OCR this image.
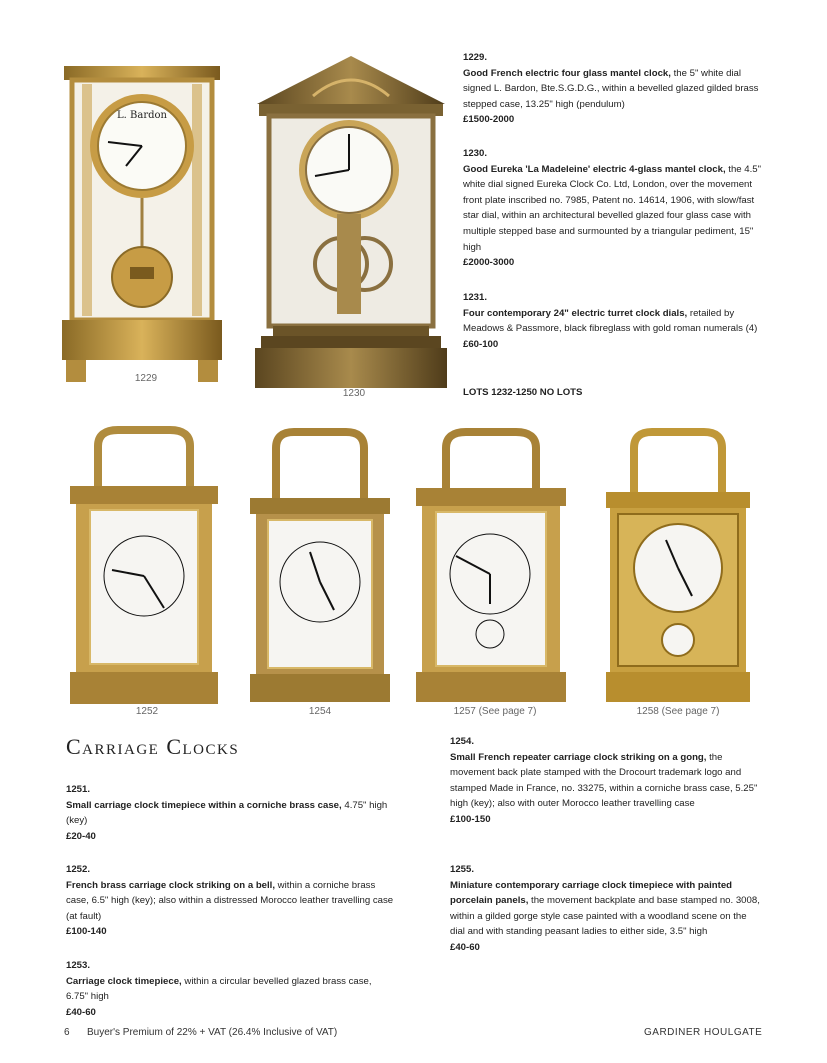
L. Bardon
1229
1230
1229.
Good French electric four glass mantel clock, the 5" white dial signed L. Bardon, Bte.S.G.D.G., within a bevelled glazed gilded brass stepped case, 13.25" high (pendulum)
£1500-2000
1230.
Good Eureka 'La Madeleine' electric 4-glass mantel clock, the 4.5" white dial signed Eureka Clock Co. Ltd, London, over the movement front plate inscribed no. 7985, Patent no. 14614, 1906, with slow/fast star dial, within an architectural bevelled glazed four glass case with multiple stepped base and surmounted by a triangular pediment, 15" high
£2000-3000
1231.
Four contemporary 24" electric turret clock dials, retailed by Meadows & Passmore, black fibreglass with gold roman numerals (4)
£60-100
LOTS 1232-1250 NO LOTS
1252	1254	1257 (See page 7)	1258 (See page 7)
Carriage Clocks
1251.
Small carriage clock timepiece within a corniche brass case, 4.75" high (key)
£20-40
1252.
French brass carriage clock striking on a bell, within a corniche brass case, 6.5" high (key); also within a distressed Morocco leather travelling case (at fault)
£100-140
1253.
Carriage clock timepiece, within a circular bevelled glazed brass case, 6.75" high
£40-60
1254.
Small French repeater carriage clock striking on a gong, the movement back plate stamped with the Drocourt trademark logo and stamped Made in France, no. 33275, within a corniche brass case, 5.25" high (key); also with outer Morocco leather travelling case
£100-150
1255.
Miniature contemporary carriage clock timepiece with painted porcelain panels, the movement backplate and base stamped no. 3008, within a gilded gorge style case painted with a woodland scene on the dial and with standing peasant ladies to either side, 3.5" high
£40-60
6 Buyer's Premium of 22% + VAT (26.4% Inclusive of VAT)	GARDINER HOULGATE
